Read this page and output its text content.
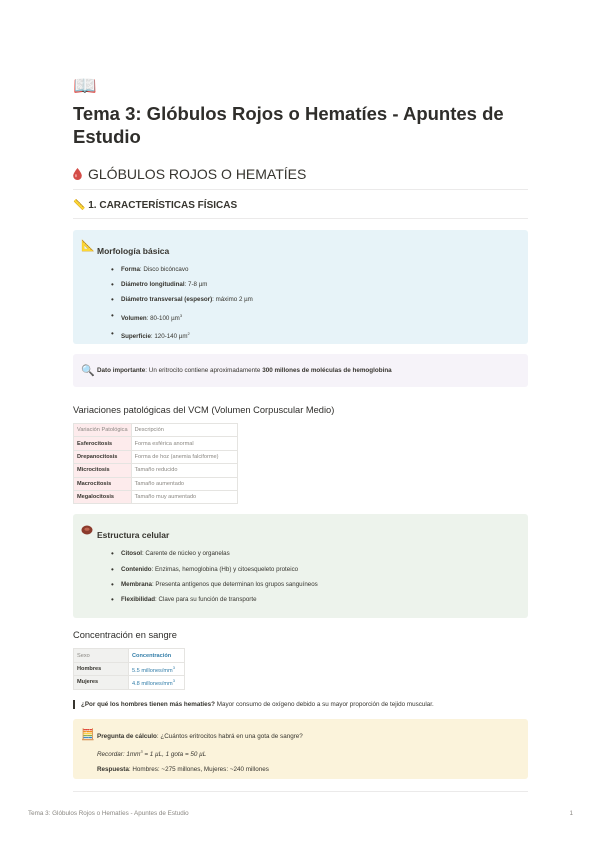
📖
Tema 3: Glóbulos Rojos o Hematíes - Apuntes de Estudio
GLÓBULOS ROJOS O HEMATÍES
📏 1. CARACTERÍSTICAS FÍSICAS
📐 Morfología básica
• Forma: Disco bicóncavo
• Diámetro longitudinal: 7-8 µm
• Diámetro transversal (espesor): máximo 2 µm
• Volumen: 80-100 µm$^3$
• Superficie: 120-140 µm$^2$
🔍 Dato importante: Un eritrocito contiene aproximadamente 300 millones de moléculas de hemoglobina
Variaciones patológicas del VCM (Volumen Corpuscular Medio)
Variación Patológica	Descripción
Esferocitosis	Forma esférica anormal
Drepanocitosis	Forma de hoz (anemia falciforme)
Microcitosis	Tamaño reducido
Macrocitosis	Tamaño aumentado
Megalocitosis	Tamaño muy aumentado
Estructura celular
• Citosol: Carente de núcleo y organelas
• Contenido: Enzimas, hemoglobina (Hb) y citoesqueleto proteico
• Membrana: Presenta antígenos que determinan los grupos sanguíneos
• Flexibilidad: Clave para su función de transporte
Concentración en sangre
Sexo	Concentración
Hombres	5.5 millones/$mm^3$
Mujeres	4.8 millones/$mm^3$
¿Por qué los hombres tienen más hematíes? Mayor consumo de oxígeno debido a su mayor proporción de tejido muscular.
🧮 Pregunta de cálculo: ¿Cuántos eritrocitos habrá en una gota de sangre?
Recordar: $1mm^3 = 1$ µL, 1 gota = 50 µL
Respuesta: Hombres: ~275 millones, Mujeres: ~240 millones
Tema 3: Glóbulos Rojos o Hematíes - Apuntes de Estudio	1
